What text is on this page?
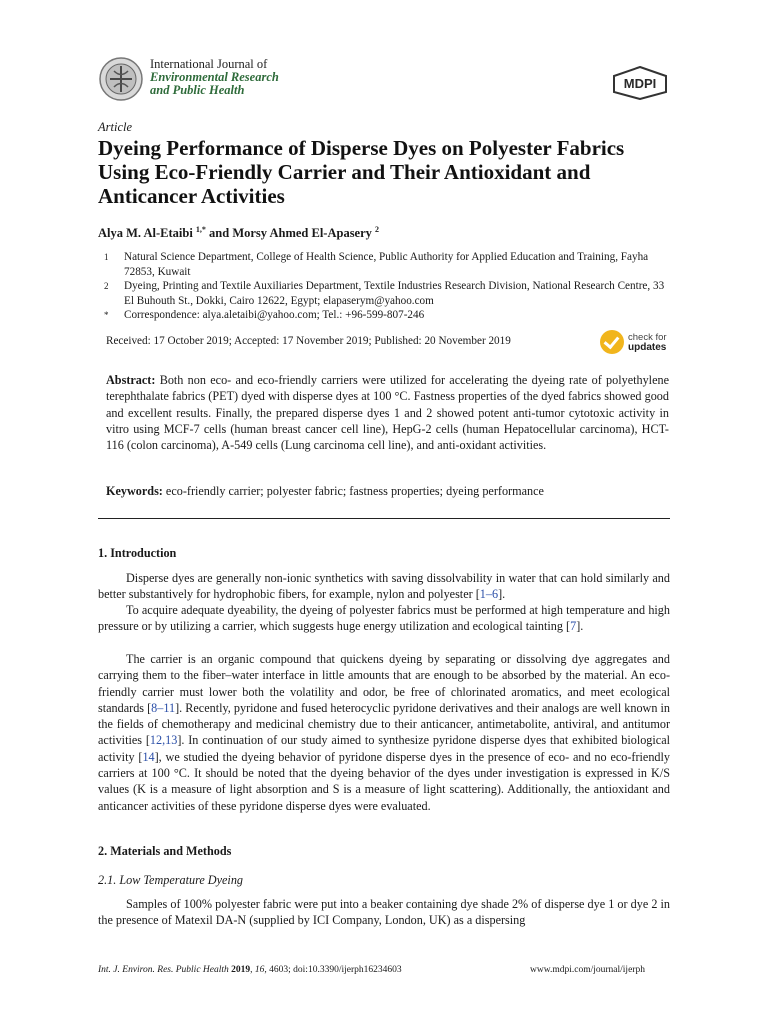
International Journal of
Environmental Research
and Public Health	MDPI
Article
Dyeing Performance of Disperse Dyes on Polyester Fabrics Using Eco-Friendly Carrier and Their Antioxidant and Anticancer Activities
Alya M. Al-Etaibi $^{1,*}$ and Morsy Ahmed El-Apasery $^2$
1 Natural Science Department, College of Health Science, Public Authority for Applied Education and Training, Fayha 72853, Kuwait
2 Dyeing, Printing and Textile Auxiliaries Department, Textile Industries Research Division, National Research Centre, 33 El Buhouth St., Dokki, Cairo 12622, Egypt; elapaserym@yahoo.com
* Correspondence: alya.aletaibi@yahoo.com; Tel.: +96-599-807-246
Received: 17 October 2019; Accepted: 17 November 2019; Published: 20 November 2019	check for
updates
Abstract: Both non eco- and eco-friendly carriers were utilized for accelerating the dyeing rate of polyethylene terephthalate fabrics (PET) dyed with disperse dyes at 100 °C. Fastness properties of the dyed fabrics showed good and excellent results. Finally, the prepared disperse dyes 1 and 2 showed potent anti-tumor cytotoxic activity in vitro using MCF-7 cells (human breast cancer cell line), HepG-2 cells (human Hepatocellular carcinoma), HCT-116 (colon carcinoma), A-549 cells (Lung carcinoma cell line), and anti-oxidant activities.
Keywords: eco-friendly carrier; polyester fabric; fastness properties; dyeing performance
1. Introduction
Disperse dyes are generally non-ionic synthetics with saving dissolvability in water that can hold similarly and better substantively for hydrophobic fibers, for example, nylon and polyester [1–6].
To acquire adequate dyeability, the dyeing of polyester fabrics must be performed at high temperature and high pressure or by utilizing a carrier, which suggests huge energy utilization and ecological tainting [7].
The carrier is an organic compound that quickens dyeing by separating or dissolving dye aggregates and carrying them to the fiber–water interface in little amounts that are enough to be absorbed by the material. An eco-friendly carrier must lower both the volatility and odor, be free of chlorinated aromatics, and meet ecological standards [8–11]. Recently, pyridone and fused heterocyclic pyridone derivatives and their analogs are well known in the fields of chemotherapy and medicinal chemistry due to their anticancer, antimetabolite, antiviral, and antitumor activities [12,13]. In continuation of our study aimed to synthesize pyridone disperse dyes that exhibited biological activity [14], we studied the dyeing behavior of pyridone disperse dyes in the presence of eco- and no eco-friendly carriers at 100 °C. It should be noted that the dyeing behavior of the dyes under investigation is expressed in K/S values (K is a measure of light absorption and S is a measure of light scattering). Additionally, the antioxidant and anticancer activities of these pyridone disperse dyes were evaluated.
2. Materials and Methods
2.1. Low Temperature Dyeing
Samples of 100% polyester fabric were put into a beaker containing dye shade 2% of disperse dye 1 or dye 2 in the presence of Matexil DA-N (supplied by ICI Company, London, UK) as a dispersing
Int. J. Environ. Res. Public Health 2019, 16, 4603; doi:10.3390/ijerph16234603	www.mdpi.com/journal/ijerph
